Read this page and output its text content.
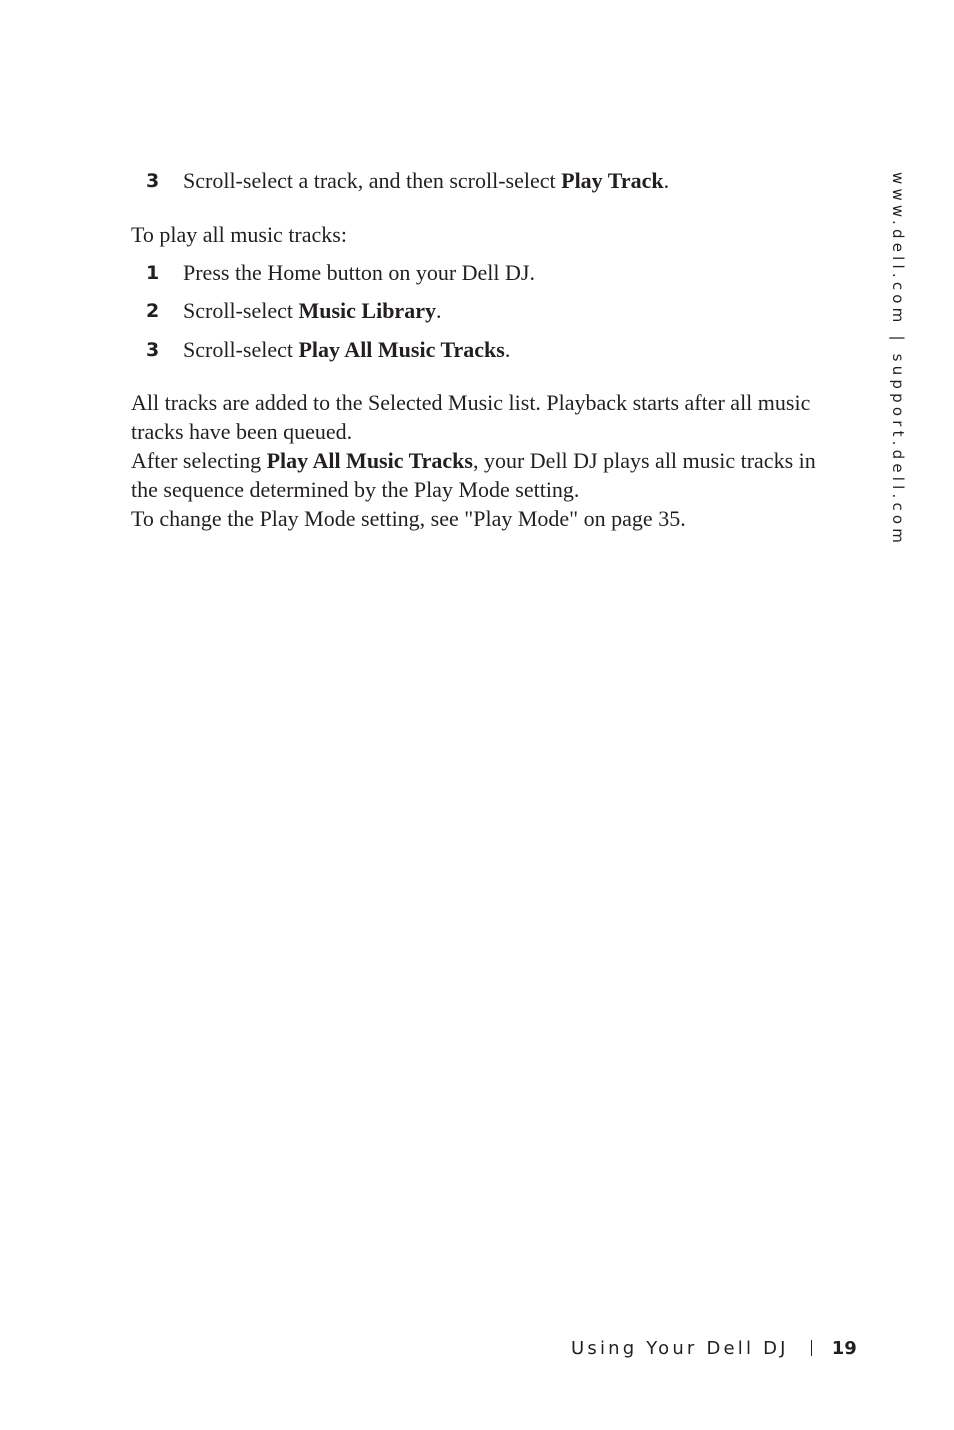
3 Scroll-select a track, and then scroll-select Play Track.
To play all music tracks:
1 Press the Home button on your Dell DJ.
2 Scroll-select Music Library.
3 Scroll-select Play All Music Tracks.
All tracks are added to the Selected Music list. Playback starts after all music
tracks have been queued.
After selecting Play All Music Tracks, your Dell DJ plays all music tracks in
the sequence determined by the Play Mode setting.
To change the Play Mode setting, see "Play Mode" on page 35.	www.dell.com | support.dell.com
Using Your Dell DJ 19
